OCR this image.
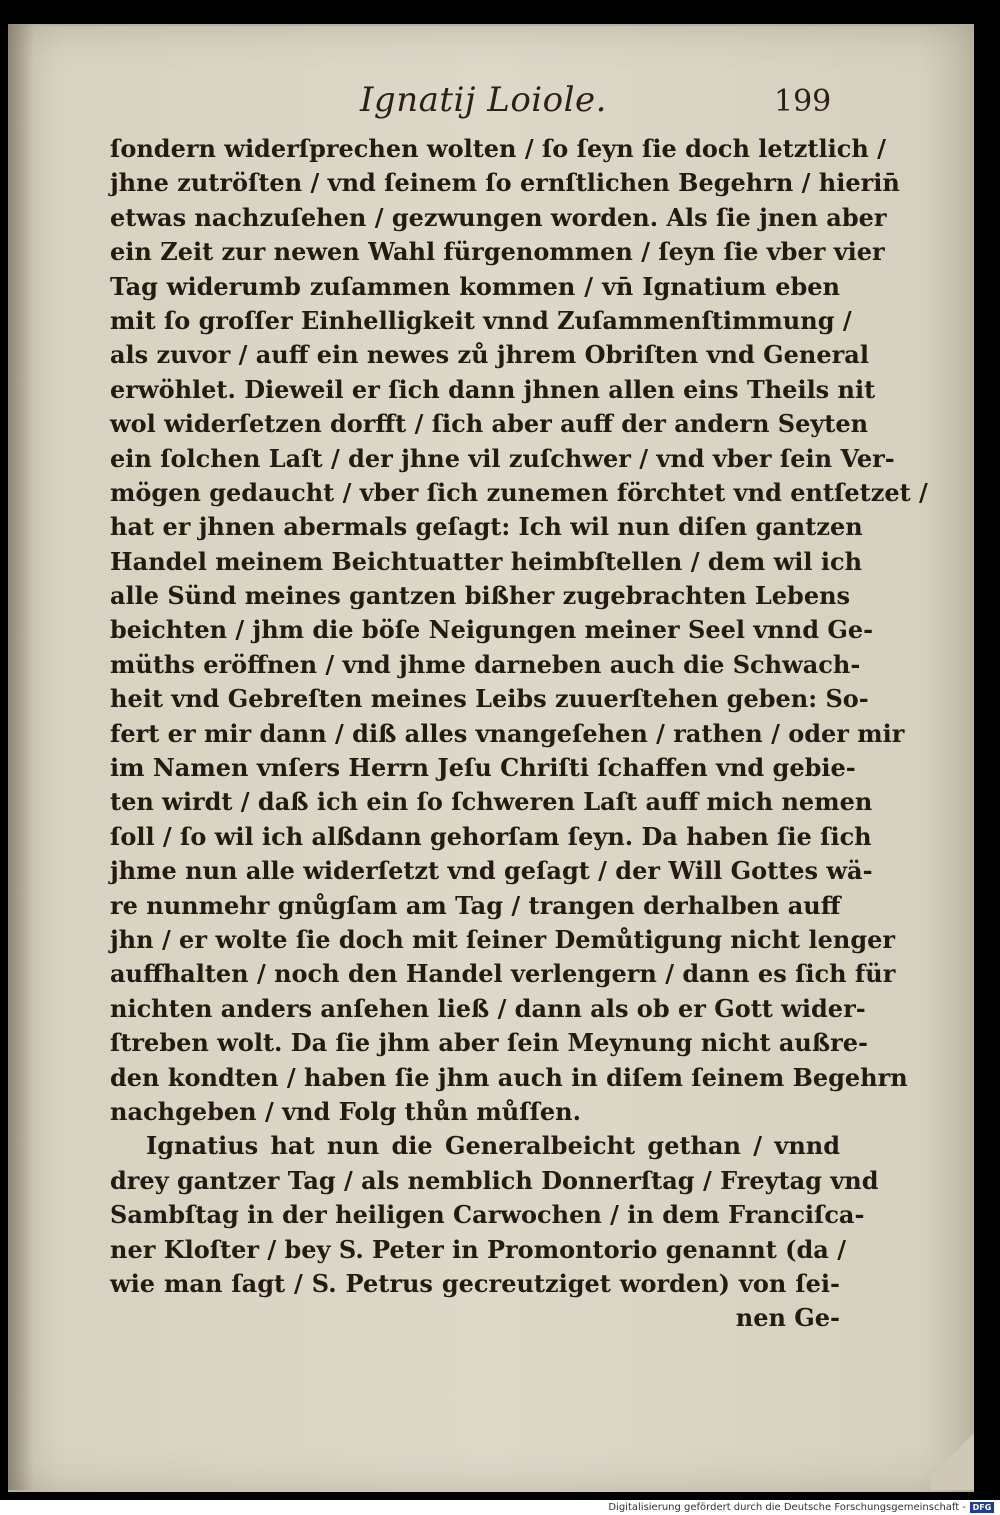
Ignatij Loiole.	199
ſondern widerſprechen wolten / ſo ſeyn ſie doch letztlich /
jhne zutröſten / vnd ſeinem ſo ernſtlichen Begehrn / hierin̄
etwas nachzuſehen / gezwungen worden. Als ſie jnen aber
ein Zeit zur newen Wahl fürgenommen / ſeyn ſie vber vier
Tag widerumb zuſammen kommen / vn̄ Ignatium eben
mit ſo groſſer Einhelligkeit vnnd Zuſammenſtimmung /
als zuvor / auff ein newes zů jhrem Obriſten vnd General
erwöhlet. Dieweil er ſich dann jhnen allen eins Theils nit
wol widerſetzen dorfft / ſich aber auff der andern Seyten
ein ſolchen Laſt / der jhne vil zuſchwer / vnd vber ſein Ver-
mögen gedaucht / vber ſich zunemen förchtet vnd entſetzet /
hat er jhnen abermals geſagt: Ich wil nun diſen gantzen
Handel meinem Beichtuatter heimbſtellen / dem wil ich
alle Sünd meines gantzen bißher zugebrachten Lebens
beichten / jhm die böſe Neigungen meiner Seel vnnd Ge-
müths eröffnen / vnd jhme darneben auch die Schwach-
heit vnd Gebreſten meines Leibs zuuerſtehen geben: So-
fert er mir dann / diß alles vnangeſehen / rathen / oder mir
im Namen vnſers Herrn Jeſu Chriſti ſchaffen vnd gebie-
ten wirdt / daß ich ein ſo ſchweren Laſt auff mich nemen
ſoll / ſo wil ich alßdann gehorſam ſeyn. Da haben ſie ſich
jhme nun alle widerſetzt vnd geſagt / der Will Gottes wä-
re nunmehr gnůgſam am Tag / trangen derhalben auff
jhn / er wolte ſie doch mit ſeiner Demůtigung nicht lenger
auffhalten / noch den Handel verlengern / dann es ſich für
nichten anders anſehen ließ / dann als ob er Gott wider-
ſtreben wolt. Da ſie jhm aber ſein Meynung nicht außre-
den kondten / haben ſie jhm auch in diſem ſeinem Begehrn
nachgeben / vnd Folg thůn můſſen.
Ignatius hat nun die Generalbeicht gethan / vnnd
drey gantzer Tag / als nemblich Donnerſtag / Freytag vnd
Sambſtag in der heiligen Carwochen / in dem Franciſca-
ner Kloſter / bey S. Peter in Promontorio genannt (da /
wie man ſagt / S. Petrus gecreutziget worden) von ſei-
nen Ge-
Digitalisierung gefördert durch die Deutsche Forschungsgemeinschaft - DFG
